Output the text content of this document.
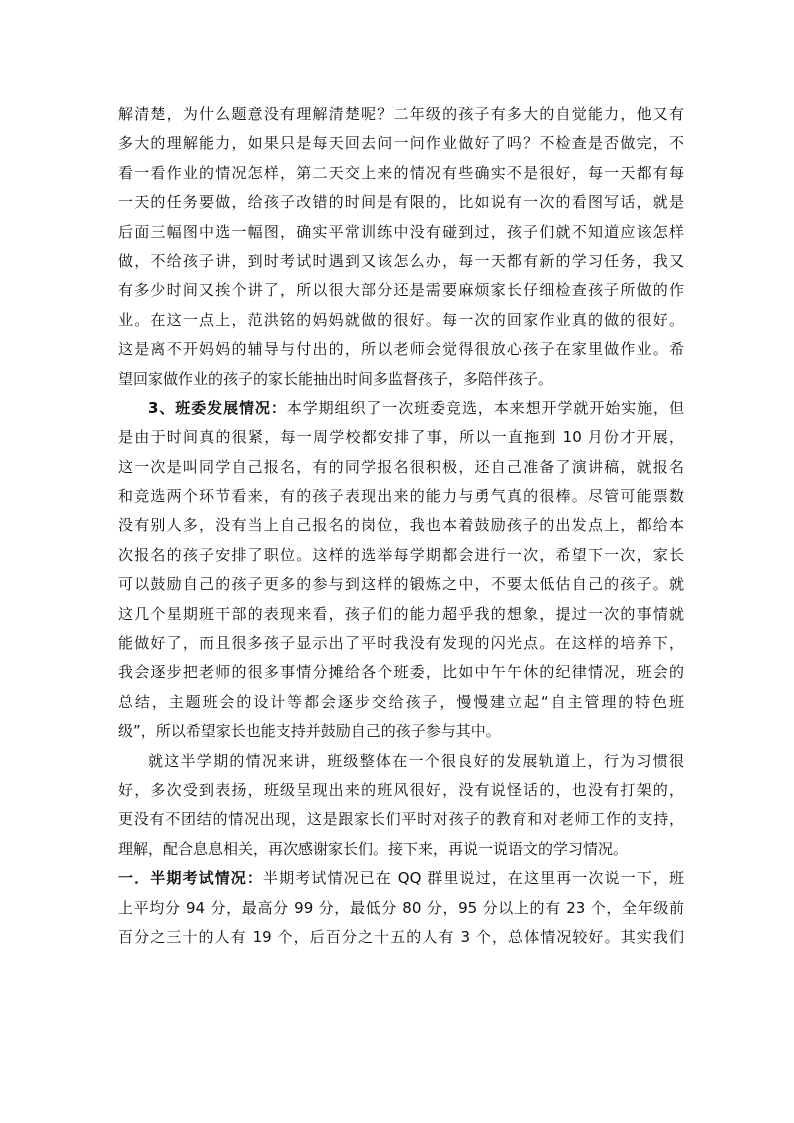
解清楚，为什么题意没有理解清楚呢？二年级的孩子有多大的自觉能力，他又有
多大的理解能力，如果只是每天回去问一问作业做好了吗？不检查是否做完，不
看一看作业的情况怎样，第二天交上来的情况有些确实不是很好，每一天都有每
一天的任务要做，给孩子改错的时间是有限的，比如说有一次的看图写话，就是
后面三幅图中选一幅图，确实平常训练中没有碰到过，孩子们就不知道应该怎样
做，不给孩子讲，到时考试时遇到又该怎么办，每一天都有新的学习任务，我又
有多少时间又挨个讲了，所以很大部分还是需要麻烦家长仔细检查孩子所做的作
业。在这一点上，范洪铭的妈妈就做的很好。每一次的回家作业真的做的很好。
这是离不开妈妈的辅导与付出的，所以老师会觉得很放心孩子在家里做作业。希
望回家做作业的孩子的家长能抽出时间多监督孩子，多陪伴孩子。
3、班委发展情况：本学期组织了一次班委竞选，本来想开学就开始实施，但
是由于时间真的很紧，每一周学校都安排了事，所以一直拖到 10 月份才开展，
这一次是叫同学自己报名，有的同学报名很积极，还自己准备了演讲稿，就报名
和竞选两个环节看来，有的孩子表现出来的能力与勇气真的很棒。尽管可能票数
没有别人多，没有当上自己报名的岗位，我也本着鼓励孩子的出发点上，都给本
次报名的孩子安排了职位。这样的选举每学期都会进行一次，希望下一次，家长
可以鼓励自己的孩子更多的参与到这样的锻炼之中，不要太低估自己的孩子。就
这几个星期班干部的表现来看，孩子们的能力超乎我的想象，提过一次的事情就
能做好了，而且很多孩子显示出了平时我没有发现的闪光点。在这样的培养下，
我会逐步把老师的很多事情分摊给各个班委，比如中午午休的纪律情况，班会的
总结，主题班会的设计等都会逐步交给孩子，慢慢建立起“自主管理的特色班
级”，所以希望家长也能支持并鼓励自己的孩子参与其中。
就这半学期的情况来讲，班级整体在一个很良好的发展轨道上，行为习惯很
好，多次受到表扬，班级呈现出来的班风很好，没有说怪话的，也没有打架的，
更没有不团结的情况出现，这是跟家长们平时对孩子的教育和对老师工作的支持，
理解，配合息息相关，再次感谢家长们。接下来，再说一说语文的学习情况。
一．半期考试情况：半期考试情况已在 QQ 群里说过，在这里再一次说一下，班
上平均分 94 分，最高分 99 分，最低分 80 分，95 分以上的有 23 个，全年级前
百分之三十的人有 19 个，后百分之十五的人有 3 个，总体情况较好。其实我们
